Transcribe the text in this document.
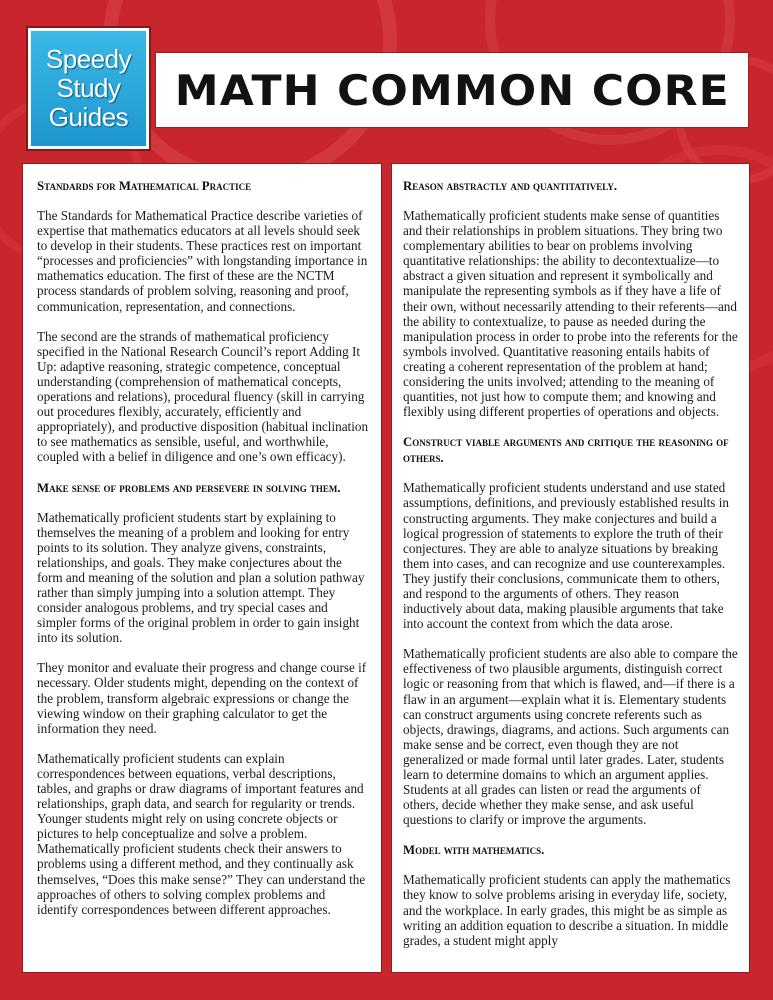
Speedy
Study
Guides
MATH COMMON CORE
Standards for Mathematical Practice

The Standards for Mathematical Practice describe varieties of expertise that mathematics educators at all levels should seek to develop in their students. These practices rest on important “processes and proficiencies” with longstanding importance in mathematics education. The first of these are the NCTM process standards of problem solving, reasoning and proof, communication, representation, and connections.

The second are the strands of mathematical proficiency specified in the National Research Council’s report Adding It Up: adaptive reasoning, strategic competence, conceptual understanding (comprehension of mathematical concepts, operations and relations), procedural fluency (skill in carrying out procedures flexibly, accurately, efficiently and appropriately), and productive disposition (habitual inclination to see mathematics as sensible, useful, and worthwhile, coupled with a belief in diligence and one’s own efficacy).

Make sense of problems and persevere in solving them.

Mathematically proficient students start by explaining to themselves the meaning of a problem and looking for entry points to its solution. They analyze givens, constraints, relationships, and goals. They make conjectures about the form and meaning of the solution and plan a solution pathway rather than simply jumping into a solution attempt. They consider analogous problems, and try special cases and simpler forms of the original problem in order to gain insight into its solution.

They monitor and evaluate their progress and change course if necessary. Older students might, depending on the context of the problem, transform algebraic expressions or change the viewing window on their graphing calculator to get the information they need.

Mathematically proficient students can explain correspondences between equations, verbal descriptions, tables, and graphs or draw diagrams of important features and relationships, graph data, and search for regularity or trends. Younger students might rely on using concrete objects or pictures to help conceptualize and solve a problem. Mathematically proficient students check their answers to problems using a different method, and they continually ask themselves, “Does this make sense?” They can understand the approaches of others to solving complex problems and identify correspondences between different approaches.

Reason abstractly and quantitatively.

Mathematically proficient students make sense of quantities and their relationships in problem situations. They bring two complementary abilities to bear on problems involving quantitative relationships: the ability to decontextualize—to abstract a given situation and represent it symbolically and manipulate the representing symbols as if they have a life of their own, without necessarily attending to their referents—and the ability to contextualize, to pause as needed during the manipulation process in order to probe into the referents for the symbols involved. Quantitative reasoning entails habits of creating a coherent representation of the problem at hand; considering the units involved; attending to the meaning of quantities, not just how to compute them; and knowing and flexibly using different properties of operations and objects.

Construct viable arguments and critique the reasoning of others.

Mathematically proficient students understand and use stated assumptions, definitions, and previously established results in constructing arguments. They make conjectures and build a logical progression of statements to explore the truth of their conjectures. They are able to analyze situations by breaking them into cases, and can recognize and use counterexamples. They justify their conclusions, communicate them to others, and respond to the arguments of others. They reason inductively about data, making plausible arguments that take into account the context from which the data arose.

Mathematically proficient students are also able to compare the effectiveness of two plausible arguments, distinguish correct logic or reasoning from that which is flawed, and—if there is a flaw in an argument—explain what it is. Elementary students can construct arguments using concrete referents such as objects, drawings, diagrams, and actions. Such arguments can make sense and be correct, even though they are not generalized or made formal until later grades. Later, students learn to determine domains to which an argument applies. Students at all grades can listen or read the arguments of others, decide whether they make sense, and ask useful questions to clarify or improve the arguments.

Model with mathematics.

Mathematically proficient students can apply the mathematics they know to solve problems arising in everyday life, society, and the workplace. In early grades, this might be as simple as writing an addition equation to describe a situation. In middle grades, a student might apply
